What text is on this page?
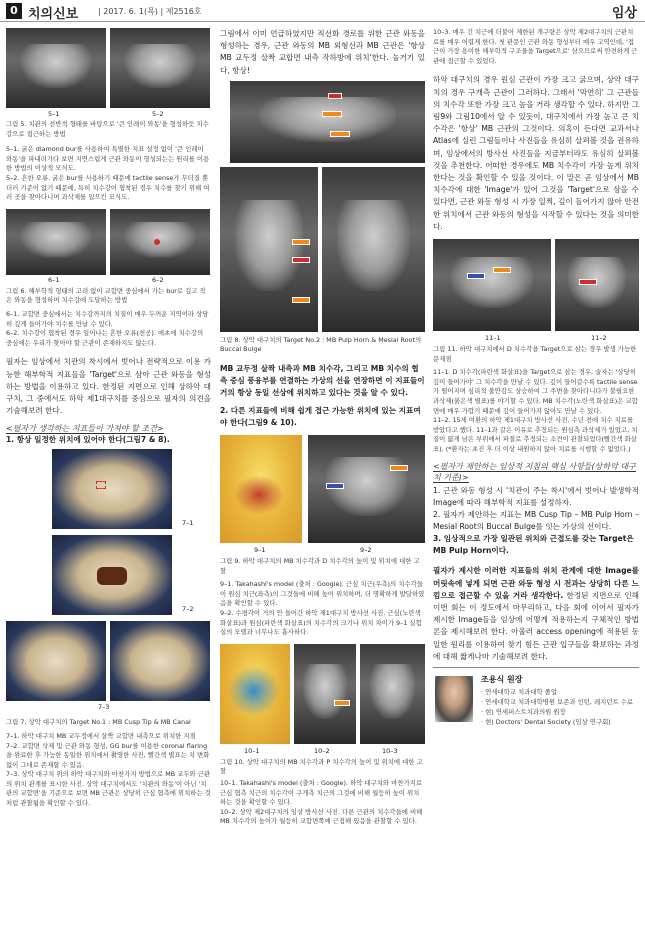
0 치의신보 | 2017. 6. 1(목) | 제2516호	임상
5–1	5–2
그림 5. 치관의 전반적 형태를 바탕으로 '큰 인레이 와동'을 형성하듯 치수강으로 접근하는 방법
5–1. 굵은 diamond bur를 사용하여 특별한 지표 설정 없이 '큰 인레이 와동'을 파내려가다 보면 지연스럽게 근관 와동이 형성되는는 원리를 이용한 방법의 이상적 모식도.
5–2. 흔한 오류. 굵은 bur를 사용하기 때문에 tactile sense가 무더질 뿐더러 기준이 없기 때문에, 특히 치수강이 협착된 경우 치수를 찾기 위해 여러 곳을 찾아다니며 과삭제를 일으킨 모식도.
6–1	6–2
그림 6. 해부학적 형태의 고려 없이 교합면 중심에서 가는 bur로 깊고 작은 와동을 형성하며 치수강에 도달하는 방법
6–1. 교합면 중심에서는 치수강까지의 치질이 매우 두꺼운 지역이라 상당히 깊게 들어가야 치수를 만날 수 있다.
6–2. 치수강이 협착된 경우 일어나는 흔한 오류(천공). 애초에 치수강의 중심에는 우리가 찾아야 할 근관이 존재하지도 않는다.
필자는 임상에서 치관의 착시에서 벗어나 전략적으로 이용 가능한 해부학적 지표들을 'Target'으로 삼아 근관 와동을 형성하는 방법을 이용하고 있다. 한정된 지면으로 인해 상하악 대구치, 그 중에서도 하악 제1대구치를 중심으로 필자의 의견을 기술해보려 한다.
<필자가 생각하는 지표들이 가져야 할 조건>
1. 항상 일정한 위치에 있어야 한다(그림7 & 8).
7–1
7–2
7–3
그림 7. 상악 대구치의 Target No.1 : MB Cusp Tip & MB Canal
7–1. 하악 대구치 MB 교두정에서 살짝 교합면 내측으로 위치한 지점
7–2. 교합면 삭제 및 근관 와동 형성, GG bur를 이용한 coronal flaring을 완료한 후 가능한 동일한 위치에서 촬영한 사진, 빨간색 별표는 치 변화없이 그대로 존재할 수 있음.
7–3. 상악 대구치 위의 하악 대구치와 마찬가지 방법으로 MB 교두와 근관의 위치 관계를 표시한 사진. 상악 대구치에서도 '치관의 와동'이 아닌 '치관의 교합면'을 기준으로 보면 MB 근관은 상당히 근심 협측에 위치하는 것처럼 관찰됨을 확인할 수 있다.
그림에서 이미 언급하였지만 직선화 경로를 위한 근관 와동을 형성하는 경우, 근관 와동의 MB 외형선과 MB 근관은 '항상 MB 교두정 살짝 교합면 내측 작하방에 위치'한다. 놀거기 있다, 항상!
그림 8. 상악 대구치의 Target No.2 : MB Pulp Horn & Mesial Root의 Buccal Bulge
MB 교두정 살짝 내측과 MB 치수각, 그리고 MB 치수의 협측 중심 풍융부를 연결하는 가상의 선을 연장하면 이 지표들이 거의 항상 동일 선상에 위치하고 있다는 것을 알 수 있다.
2. 다른 지표들에 비해 쉽게 접근 가능한 위치에 있는 지표여야 한다(그림9 & 10).
9–1	9–2
그림 9. 하악 대구치의 MB 치수각과 D 치수각의 높이 및 위치에 대한 고찰
9–1. Takahashi's model (출처 : Google). 근심 치근(우측)의 치수각들이 원심 치근(좌측)의 그것들에 비해 높이 위치하며, 더 명확하게 발달하였음을 확인할 수 있다.
9–2. 수평각이 거의 안 들어간 하악 제1대구치 방사선 사진. 근심(노란색 화살표)과 원심(파란색 화살표)의 치수각의 크기나 위치 차이가 9–1 실험실의 모델과 너무나도 흡사하다.
10–1	10–2	10–3
그림 10. 상악 대구치의 MB 치수각과 P 치수각의 높이 및 위치에 대한 고찰
10–1. Takahashi's model (출처 : Google). 하악 대구치와 마찬가지로 근심 협측 치근의 치수각이 구개측 치근의 그것에 비해 월등히 높이 위치하는 것을 확인할 수 있다.
10–2. 상악 제2대구치의 임상 방사선 사진. 다른 근관의 치수각들에 비해 MB 치수각의 높이가 월등히 교합면쪽에 근접해 있음을 관찰할 수 있다.
10–3. 매우 긴 치근에 더불어 제한된 개구량은 상악 제2대구치의 근관치료를 매우 어렵게 한다. 첫 관문인 근관 와동 형성부터 매우 고역인데, '접근이 가장 용이한 해부학적 구조물을 Target으로' 삼으므로써 안전하게 근관에 접근할 수 있었다.
하악 대구치의 경우 원심 근관이 가장 크고 굵으며, 상악 대구치의 경우 구개측 근관이 그러하다. 그래서 '막연히' 그 근관들의 치수각 또한 가장 크고 높을 거라 생각할 수 있다. 하지만 그림9와 그림10에서 알 수 있듯이, 대구치에서 가장 높고 큰 치수각은 '항상' MB 근관의 그것이다. 의혹이 든다면 교과서나 Atlas에 실린 그림들이나 사진들을 유심히 살펴볼 것을 권유하며, 임상에서의 방사선 사진들을 지금부터라도 유심히 살펴볼 것을 추천한다. 어떠한 경우에도 MB 치수각이 가장 높게 위치한다는 것을 확인할 수 있을 것이다. 이 말은 곧 임상에서 MB 치수각에 대한 'Image'가 있어 그것을 'Target'으로 삼을 수 있다면, 근관 와동 형성 시 가장 일찍, 깊이 들어가지 않아 안전한 위치에서 근관 와동의 형성을 시작할 수 있다는 것을 의미한다.
11–1	11–2
그림 11. 하악 대구치에서 D 치수각을 Target으로 삼는 경우 발생 가능한 문제점
11–1. D 치수각(파란색 화살표)을 Target으로 삼는 경우, 술자는 '상당히 깊이 들어가야' 그 치수각을 만날 수 있다. 깊이 들어갈수록 tactile sense가 떨어지며 심리적 불안감도 상승하여 그 주변을 찾아다니다가 불필요한 과삭제(붉은색 별표)를 야기할 수 있다. MB 치수각(노란색 화살표)은 교합면에 매우 가깝기 때문에 깊이 들어가지 않아도 만날 수 있다.
11–2. 15세 여환의 하악 제1대구치 방사선 사진. 수년 전에 치수 치료를 받았다고 했다. 11–1과 같은 이유로 추정되는 원심측 과삭제가 있었고, 치질이 얇게 남은 부위에서 파절로 추정되는 소견이 관찰되었다(빨간색 화살표). (*환자는 초진 후 더 이상 내원하지 않아 치료를 시행할 수 없었다.)
<필자가 제안하는 임상적 지침의 핵심 사항들(상하악 대구치 기준)>
1. 근관 와동 형성 시 '치관이 주는 착시'에서 벗어나 발생학적 Image에 따라 해부학적 지표를 설정하자.
2. 필자가 제안하는 지표는 MB Cusp Tip – MB Pulp Horn – Mesial Root의 Buccal Bulge를 잇는 가상의 선이다.
3. 임상적으로 가장 일관된 위치와 근접도를 갖는 Target은 MB Pulp Horn이다.
필자가 제시한 이러한 지표들의 위치 관계에 대한 Image를 머릿속에 넣게 되면 근관 와동 형성 시 전과는 상당히 다른 느낌으로 접근할 수 있을 거라 생각한다. 한정된 지면으로 인해 이번 회는 이 정도에서 마무리하고, 다음 회에 이어서 필자가 제시한 Image들을 임상에 어떻게 적용하는지 구체적인 방법론을 제시해보려 한다. 아울러 access opening에 적용된 동일한 원리를 이용하여 찾기 힘든 근관 입구들을 확보하는 과정에 대해 짧게나마 기술해보려 한다.
조용식 원장
· 연세대학교 치과대학 졸업
· 연세대학교 치과대학병원 보존과 인턴, 레지던트 수료
· 현) 연세퍼스트치과의원 원장
· 현) Doctors' Dental Society (임상 연구회)
